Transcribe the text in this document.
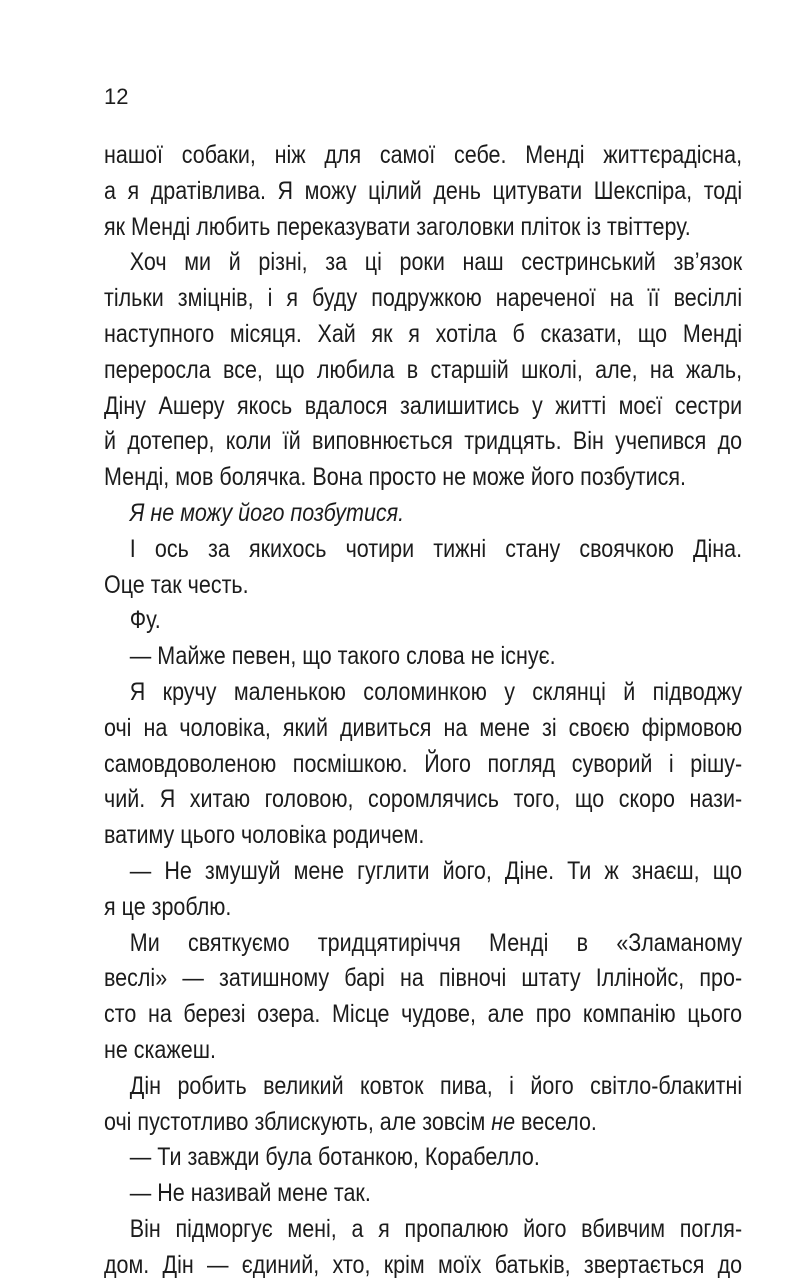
12
нашої собаки, ніж для самої себе. Менді життєрадісна,
а я дратівлива. Я можу цілий день цитувати Шекспіра, тоді
як Менді любить переказувати заголовки пліток із твіттеру.
Хоч ми й різні, за ці роки наш сестринський зв’язок
тільки зміцнів, і я буду подружкою нареченої на її весіллі
наступного місяця. Хай як я хотіла б сказати, що Менді
переросла все, що любила в старшій школі, але, на жаль,
Діну Ашеру якось вдалося залишитись у житті моєї сестри
й дотепер, коли їй виповнюється тридцять. Він учепився до
Менді, мов болячка. Вона просто не може його позбутися.
Я не можу його позбутися.
І ось за якихось чотири тижні стану своячкою Діна.
Оце так честь.
Фу.
— Майже певен, що такого слова не існує.
Я кручу маленькою соломинкою у склянці й підводжу
очі на чоловіка, який дивиться на мене зі своєю фірмовою
самовдоволеною посмішкою. Його погляд суворий і рішу-
чий. Я хитаю головою, соромлячись того, що скоро нази-
ватиму цього чоловіка родичем.
— Не змушуй мене гуглити його, Діне. Ти ж знаєш, що
я це зроблю.
Ми святкуємо тридцятиріччя Менді в «Зламаному
веслі» — затишному барі на півночі штату Іллінойс, про-
сто на березі озера. Місце чудове, але про компанію цього
не скажеш.
Дін робить великий ковток пива, і його світло-блакитні
очі пустотливо зблискують, але зовсім не весело.
— Ти завжди була ботанкою, Корабелло.
— Не називай мене так.
Він підморгує мені, а я пропалюю його вбивчим погля-
дом. Дін — єдиний, хто, крім моїх батьків, звертається до
